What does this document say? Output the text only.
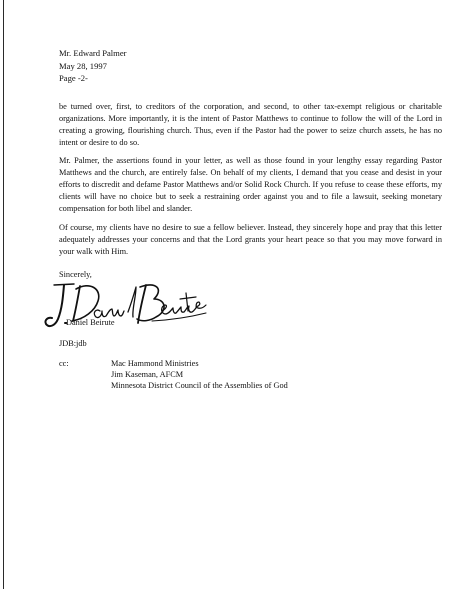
Mr. Edward Palmer
May 28, 1997
Page -2-

be turned over, first, to creditors of the corporation, and second, to other tax-exempt religious or charitable organizations. More importantly, it is the intent of Pastor Matthews to continue to follow the will of the Lord in creating a growing, flourishing church. Thus, even if the Pastor had the power to seize church assets, he has no intent or desire to do so.

Mr. Palmer, the assertions found in your letter, as well as those found in your lengthy essay regarding Pastor Matthews and the church, are entirely false. On behalf of my clients, I demand that you cease and desist in your efforts to discredit and defame Pastor Matthews and/or Solid Rock Church. If you refuse to cease these efforts, my clients will have no choice but to seek a restraining order against you and to file a lawsuit, seeking monetary compensation for both libel and slander.

Of course, my clients have no desire to sue a fellow believer. Instead, they sincerely hope and pray that this letter adequately addresses your concerns and that the Lord grants your heart peace so that you may move forward in your walk with Him.

Sincerely,
Daniel Beirute
JDB:jdb
cc:	Mac Hammond Ministries
Jim Kaseman, AFCM
Minnesota District Council of the Assemblies of God
